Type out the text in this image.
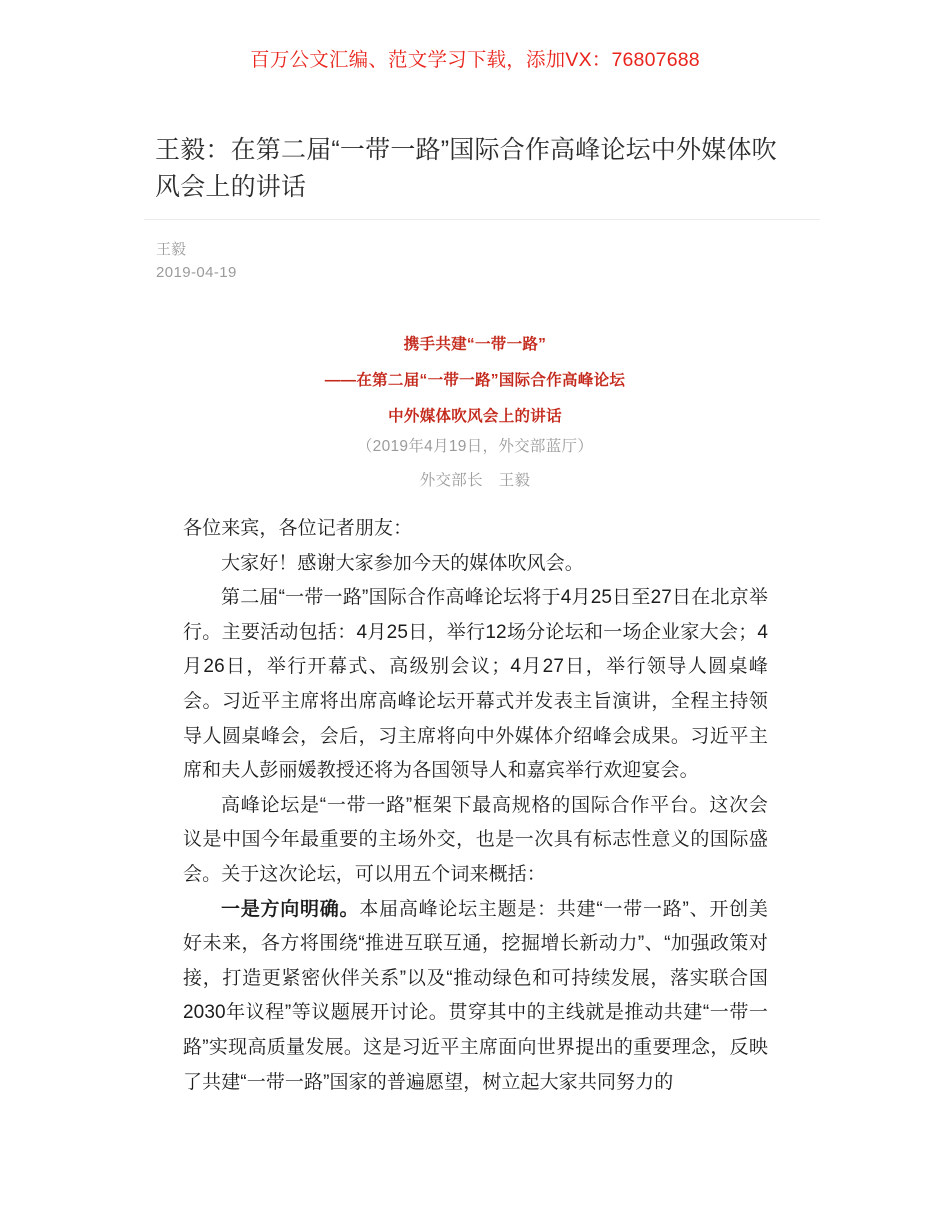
百万公文汇编、范文学习下载，添加VX：76807688
王毅：在第二届“一带一路”国际合作高峰论坛中外媒体吹风会上的讲话
王毅
2019-04-19
携手共建“一带一路”
——在第二届“一带一路”国际合作高峰论坛
中外媒体吹风会上的讲话
（2019年4月19日，外交部蓝厅）
外交部长　王毅

各位来宾，各位记者朋友：

大家好！感谢大家参加今天的媒体吹风会。

第二届“一带一路”国际合作高峰论坛将于4月25日至27日在北京举行。主要活动包括：4月25日，举行12场分论坛和一场企业家大会；4月26日，举行开幕式、高级别会议；4月27日，举行领导人圆桌峰会。习近平主席将出席高峰论坛开幕式并发表主旨演讲，全程主持领导人圆桌峰会，会后，习主席将向中外媒体介绍峰会成果。习近平主席和夫人彭丽媛教授还将为各国领导人和嘉宾举行欢迎宴会。

高峰论坛是“一带一路”框架下最高规格的国际合作平台。这次会议是中国今年最重要的主场外交，也是一次具有标志性意义的国际盛会。关于这次论坛，可以用五个词来概括：

一是方向明确。本届高峰论坛主题是：共建“一带一路”、开创美好未来，各方将围绕“推进互联互通，挖掘增长新动力”、“加强政策对接，打造更紧密伙伴关系”以及“推动绿色和可持续发展，落实联合国2030年议程”等议题展开讨论。贯穿其中的主线就是推动共建“一带一路”实现高质量发展。这是习近平主席面向世界提出的重要理念，反映了共建“一带一路”国家的普遍愿望，树立起大家共同努力的
